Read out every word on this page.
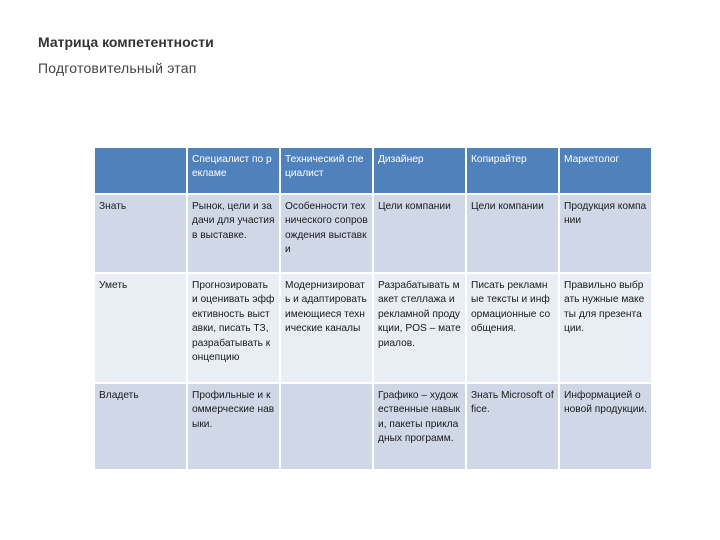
Матрица компетентности
Подготовительный этап
	Специалист по рекламе	Технический специалист	Дизайнер	Копирайтер	Маркетолог
Знать	Рынок, цели и задачи для участия в выставке.	Особенности технического сопровождения выставки	Цели компании	Цели компании	Продукция компании
Уметь	Прогнозировать и оценивать эффективность выставки, писать ТЗ, разрабатывать концепцию	Модернизировать и адаптировать имеющиеся технические каналы	Разрабатывать макет стеллажа и рекламной продукции, POS – материалов.	Писать рекламные тексты и информационные сообщения.	Правильно выбрать нужные макеты для презентации.
Владеть	Профильные и коммерческие навыки.		Графико – художественные навыки, пакеты прикладных программ.	Знать Microsoft office.	Информацией о новой продукции.
